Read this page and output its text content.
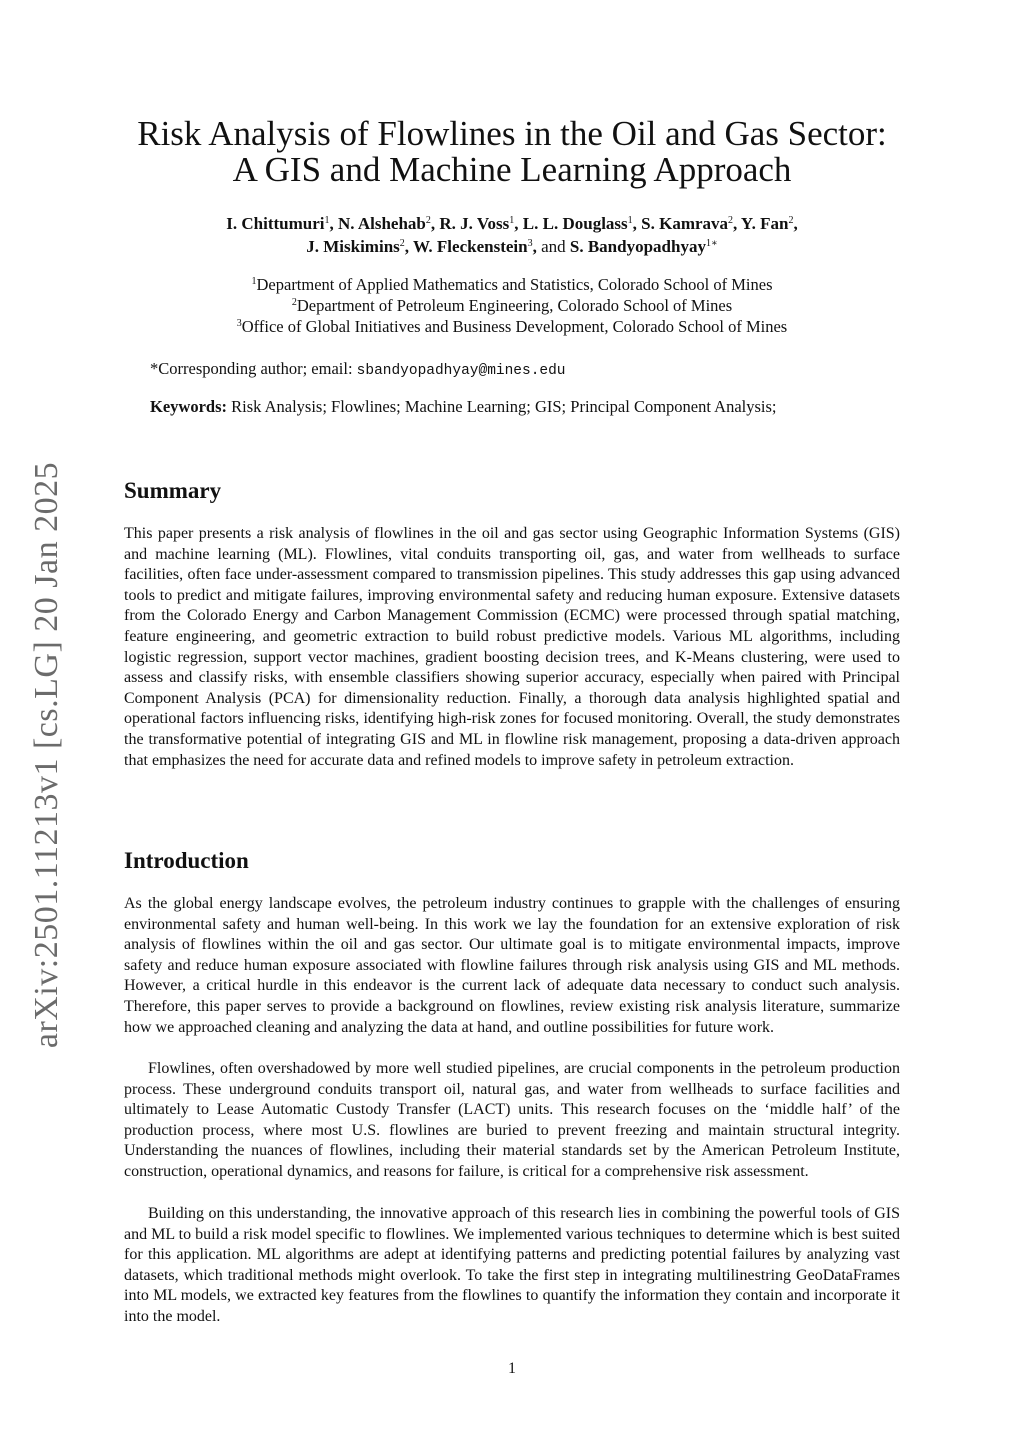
arXiv:2501.11213v1 [cs.LG] 20 Jan 2025
Risk Analysis of Flowlines in the Oil and Gas Sector:
A GIS and Machine Learning Approach
I. Chittumuri$^1$, N. Alshehab$^2$, R. J. Voss$^1$, L. L. Douglass$^1$, S. Kamrava$^2$, Y. Fan$^2$,
J. Miskimins$^2$, W. Fleckenstein$^3$, and S. Bandyopadhyay$^{1∗}$
$^1$Department of Applied Mathematics and Statistics, Colorado School of Mines
$^2$Department of Petroleum Engineering, Colorado School of Mines
$^3$Office of Global Initiatives and Business Development, Colorado School of Mines
*Corresponding author; email: sbandyopadhyay@mines.edu
Keywords: Risk Analysis; Flowlines; Machine Learning; GIS; Principal Component Analysis;
Summary

This paper presents a risk analysis of flowlines in the oil and gas sector using Geographic Information Systems (GIS) and machine learning (ML). Flowlines, vital conduits transporting oil, gas, and water from wellheads to surface facilities, often face under-assessment compared to transmission pipelines. This study addresses this gap using advanced tools to predict and mitigate failures, improving environmental safety and reducing human exposure. Extensive datasets from the Colorado Energy and Carbon Management Commission (ECMC) were processed through spatial matching, feature engineering, and geometric extraction to build robust predictive models. Various ML algorithms, including logistic regression, support vector machines, gradient boosting decision trees, and K-Means clustering, were used to assess and classify risks, with ensemble classifiers showing superior accuracy, especially when paired with Principal Component Analysis (PCA) for dimensionality reduction. Finally, a thorough data analysis highlighted spatial and operational factors influencing risks, identifying high-risk zones for focused monitoring. Overall, the study demonstrates the transformative potential of integrating GIS and ML in flowline risk management, proposing a data-driven approach that emphasizes the need for accurate data and refined models to improve safety in petroleum extraction.

Introduction

As the global energy landscape evolves, the petroleum industry continues to grapple with the challenges of ensuring environmental safety and human well-being. In this work we lay the foundation for an extensive exploration of risk analysis of flowlines within the oil and gas sector. Our ultimate goal is to mitigate environmental impacts, improve safety and reduce human exposure associated with flowline failures through risk analysis using GIS and ML methods. However, a critical hurdle in this endeavor is the current lack of adequate data necessary to conduct such analysis. Therefore, this paper serves to provide a background on flowlines, review existing risk analysis literature, summarize how we approached cleaning and analyzing the data at hand, and outline possibilities for future work.

Flowlines, often overshadowed by more well studied pipelines, are crucial components in the petroleum production process. These underground conduits transport oil, natural gas, and water from wellheads to surface facilities and ultimately to Lease Automatic Custody Transfer (LACT) units. This research focuses on the ‘middle half’ of the production process, where most U.S. flowlines are buried to prevent freezing and maintain structural integrity. Understanding the nuances of flowlines, including their material standards set by the American Petroleum Institute, construction, operational dynamics, and reasons for failure, is critical for a comprehensive risk assessment.

Building on this understanding, the innovative approach of this research lies in combining the powerful tools of GIS and ML to build a risk model specific to flowlines. We implemented various techniques to determine which is best suited for this application. ML algorithms are adept at identifying patterns and predicting potential failures by analyzing vast datasets, which traditional methods might overlook. To take the first step in integrating multilinestring GeoDataFrames into ML models, we extracted key features from the flowlines to quantify the information they contain and incorporate it into the model.

1
